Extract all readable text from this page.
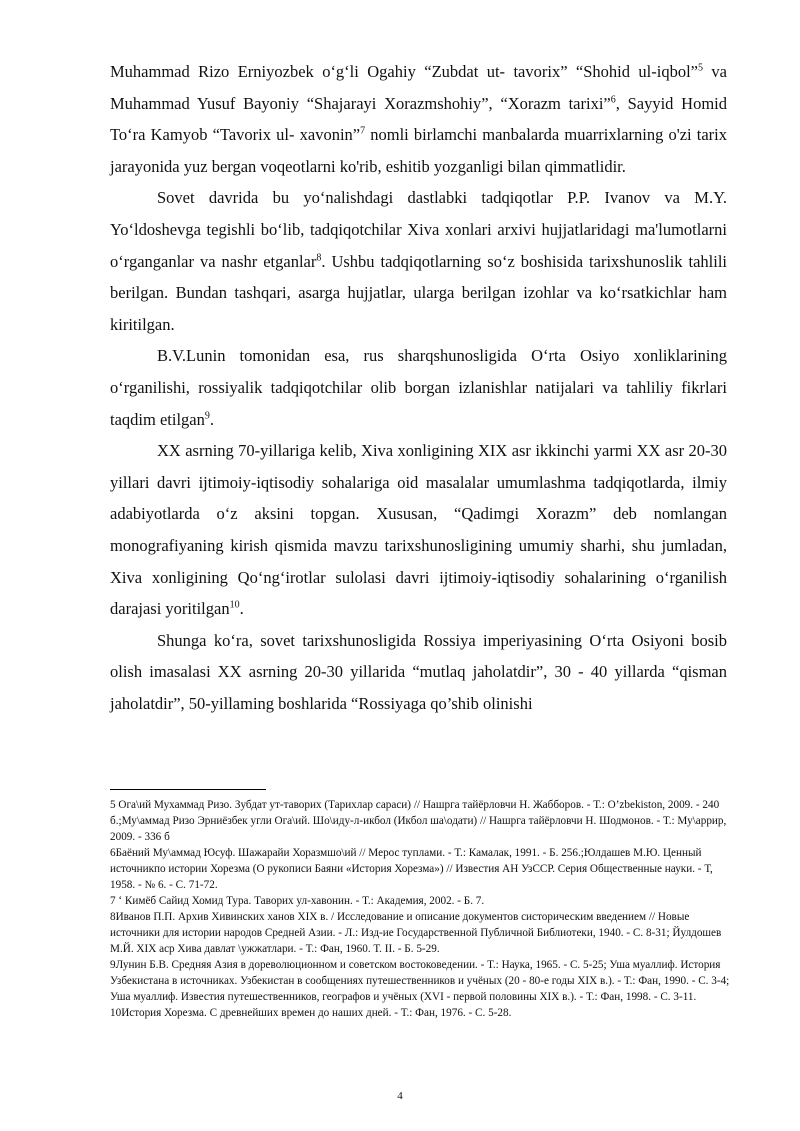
Muhammad Rizo Erniyozbek o‘g‘li Ogahiy “Zubdat ut- tavorix” “Shohid ul-iqbol”$^5$ va Muhammad Yusuf Bayoniy “Shajarayi Xorazmshohiy”, “Xorazm tarixi”$^6$, Sayyid Homid To‘ra Kamyob “Tavorix ul- xavonin”$^7$ nomli birlamchi manbalarda muarrixlarning o'zi tarix jarayonida yuz bergan voqeotlarni ko'rib, eshitib yozganligi bilan qimmatlidir.

Sovet davrida bu yo‘nalishdagi dastlabki tadqiqotlar P.P. Ivanov va M.Y. Yo‘ldoshevga tegishli bo‘lib, tadqiqotchilar Xiva xonlari arxivi hujjatlaridagi ma'lumotlarni o‘rganganlar va nashr etganlar$^8$. Ushbu tadqiqotlarning so‘z boshisida tarixshunoslik tahlili berilgan. Bundan tashqari, asarga hujjatlar, ularga berilgan izohlar va ko‘rsatkichlar ham kiritilgan.

B.V.Lunin tomonidan esa, rus sharqshunosligida O‘rta Osiyo xonliklarining o‘rganilishi, rossiyalik tadqiqotchilar olib borgan izlanishlar natijalari va tahliliy fikrlari taqdim etilgan$^9$.

XX asrning 70-yillariga kelib, Xiva xonligining XIX asr ikkinchi yarmi XX asr 20-30 yillari davri ijtimoiy-iqtisodiy sohalariga oid masalalar umumlashma tadqiqotlarda, ilmiy adabiyotlarda o‘z aksini topgan. Xususan, “Qadimgi Xorazm” deb nomlangan monografiyaning kirish qismida mavzu tarixshunosligining umumiy sharhi, shu jumladan, Xiva xonligining Qo‘ng‘irotlar sulolasi davri ijtimoiy-iqtisodiy sohalarining o‘rganilish darajasi yoritilgan$^{10}$.

Shunga ko‘ra, sovet tarixshunosligida Rossiya imperiyasining O‘rta Osiyoni bosib olish imasalasi XX asrning 20-30 yillarida “mutlaq jaholatdir”, 30 - 40 yillarda “qisman jaholatdir”, 50-yillaming boshlarida “Rossiyaga qo’shib olinishi

5 Ога\ий Мухаммад Ризо. Зубдат ут-таворих (Тарихлар сараси) // Нашрга тайёрловчи Н. Жабборов. - Т.: O’zbekiston, 2009. - 240 б.;Му\аммад Ризо Эрниёзбек угли Ога\ий. Шо\иду-л-икбол (Икбол ша\одати) // Нашрга тайёрловчи Н. Шодмонов. - Т.: Му\аррир, 2009. - 336 б

6Баёний Му\аммад Юсуф. Шажарайи Хоразмшо\ий // Мерос туплами. - Т.: Камалак, 1991. - Б. 256.;Юлдашев М.Ю. Ценный источникпо истории Хорезма (О рукописи Баяни «История Хорезма») // Известия АН УзССР. Серия Общественные науки. - Т, 1958. - № 6. - С. 71-72.

7 ʻ Кимёб Сайид Хомид Тура. Таворих ул-хавонин. - Т.: Академия, 2002. - Б. 7.

8Иванов П.П. Архив Хивинских ханов XIX в. / Исследование и описание документов систорическим введением // Новые источники для истории народов Средней Азии. - Л.: Изд-ие Государственной Публичной Библиотеки, 1940. - С. 8-31; Йулдошев М.Й. XIX аср Хива давлат \ужжатлари. - Т.: Фан, 1960. Т. II. - Б. 5-29.

9Лунин Б.В. Средняя Азия в дореволюционном и советском востоковедении. - Т.: Наука, 1965. - С. 5-25; Уша муаллиф. История Узбекистана в источниках. Узбекистан в сообщениях путешественников и учёных (20 - 80-е годы XIX в.). - Т.: Фан, 1990. - С. 3-4; Уша муаллиф. Известия путешественников, географов и учёных (XVI - первой половины XIX в.). - Т.: Фан, 1998. - С. 3-11.

10История Хорезма. С древнейших времен до наших дней. - Т.: Фан, 1976. - С. 5-28.

4
